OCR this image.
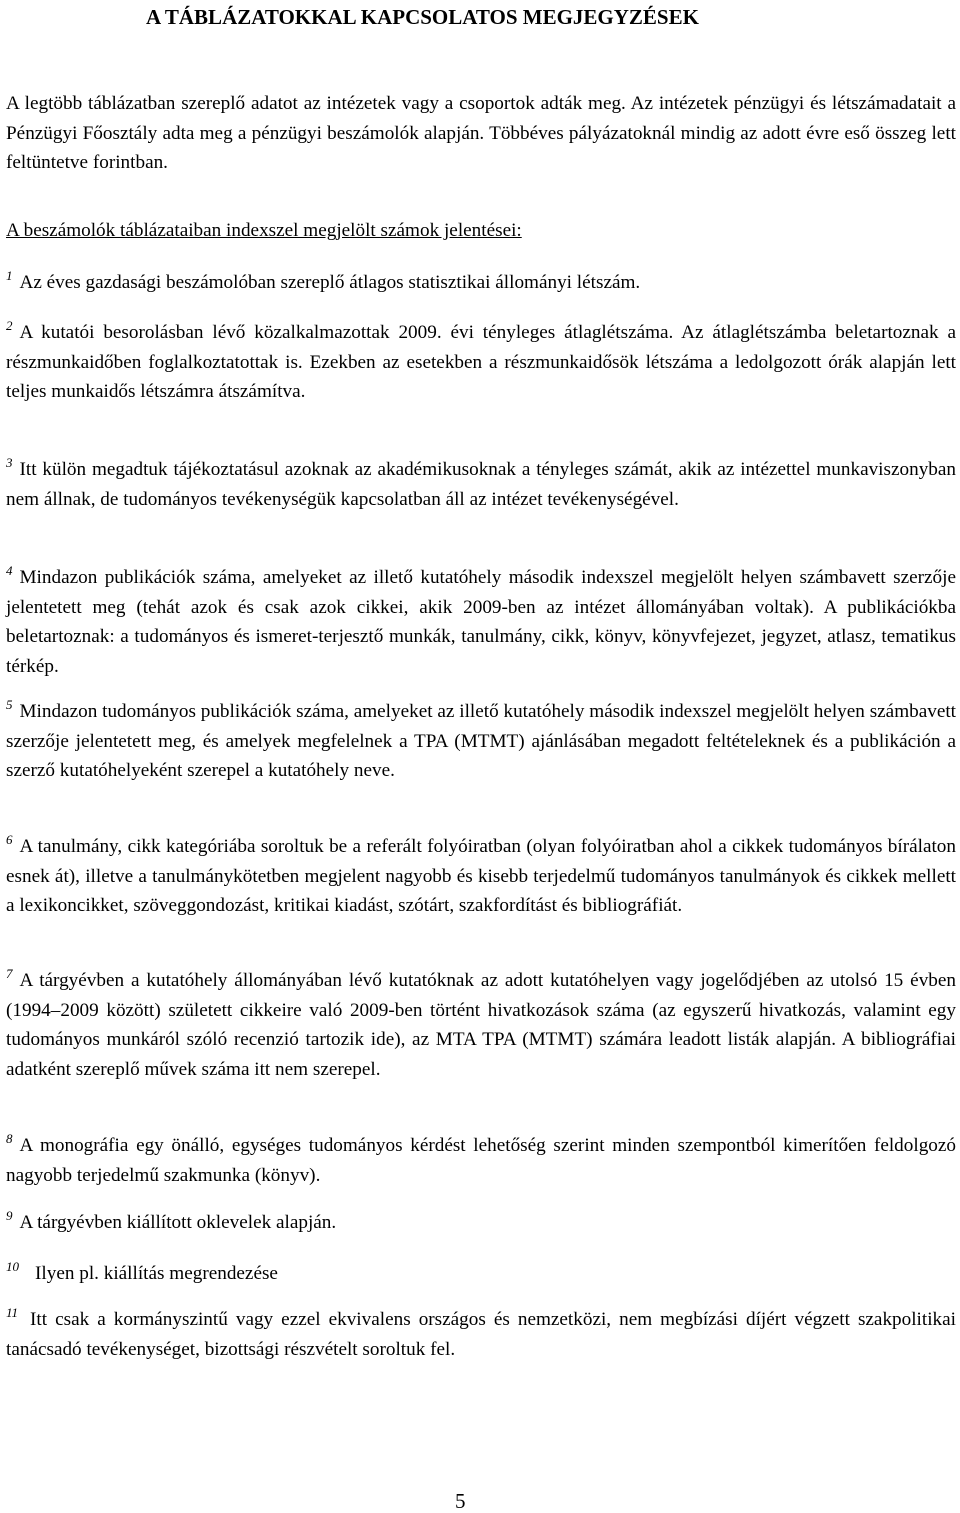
A TÁBLÁZATOKKAL KAPCSOLATOS MEGJEGYZÉSEK

A legtöbb táblázatban szereplő adatot az intézetek vagy a csoportok adták meg. Az intézetek pénzügyi és létszámadatait a Pénzügyi Főosztály adta meg a pénzügyi beszámolók alapján. Többéves pályázatoknál mindig az adott évre eső összeg lett feltüntetve forintban.

A beszámolók táblázataiban indexszel megjelölt számok jelentései:

$^1$ Az éves gazdasági beszámolóban szereplő átlagos statisztikai állományi létszám.

$^2$ A kutatói besorolásban lévő közalkalmazottak 2009. évi tényleges átlaglétszáma. Az átlaglétszámba beletartoznak a részmunkaidőben foglalkoztatottak is. Ezekben az esetekben a részmunkaidősök létszáma a ledolgozott órák alapján lett teljes munkaidős létszámra átszámítva.

$^3$ Itt külön megadtuk tájékoztatásul azoknak az akadémikusoknak a tényleges számát, akik az intézettel munkaviszonyban nem állnak, de tudományos tevékenységük kapcsolatban áll az intézet tevékenységével.

$^4$ Mindazon publikációk száma, amelyeket az illető kutatóhely második indexszel megjelölt helyen számbavett szerzője jelentetett meg (tehát azok és csak azok cikkei, akik 2009-ben az intézet állományában voltak). A publikációkba beletartoznak: a tudományos és ismeret-terjesztő munkák, tanulmány, cikk, könyv, könyvfejezet, jegyzet, atlasz, tematikus térkép.

$^5$ Mindazon tudományos publikációk száma, amelyeket az illető kutatóhely második indexszel megjelölt helyen számbavett szerzője jelentetett meg, és amelyek megfelelnek a TPA (MTMT) ajánlásában megadott feltételeknek és a publikáción a szerző kutatóhelyeként szerepel a kutatóhely neve.

$^6$ A tanulmány, cikk kategóriába soroltuk be a referált folyóiratban (olyan folyóiratban ahol a cikkek tudományos bírálaton esnek át), illetve a tanulmánykötetben megjelent nagyobb és kisebb terjedelmű tudományos tanulmányok és cikkek mellett a lexikoncikket, szöveggondozást, kritikai kiadást, szótárt, szakfordítást és bibliográfiát.

$^7$ A tárgyévben a kutatóhely állományában lévő kutatóknak az adott kutatóhelyen vagy jogelődjében az utolsó 15 évben (1994–2009 között) született cikkeire való 2009-ben történt hivatkozások száma (az egyszerű hivatkozás, valamint egy tudományos munkáról szóló recenzió tartozik ide), az MTA TPA (MTMT) számára leadott listák alapján. A bibliográfiai adatként szereplő művek száma itt nem szerepel.

$^8$ A monográfia egy önálló, egységes tudományos kérdést lehetőség szerint minden szempontból kimerítően feldolgozó nagyobb terjedelmű szakmunka (könyv).

$^9$ A tárgyévben kiállított oklevelek alapján.

$^{10}$ Ilyen pl. kiállítás megrendezése

$^{11}$ Itt csak a kormányszintű vagy ezzel ekvivalens országos és nemzetközi, nem megbízási díjért végzett szakpolitikai tanácsadó tevékenységet, bizottsági részvételt soroltuk fel.

5
